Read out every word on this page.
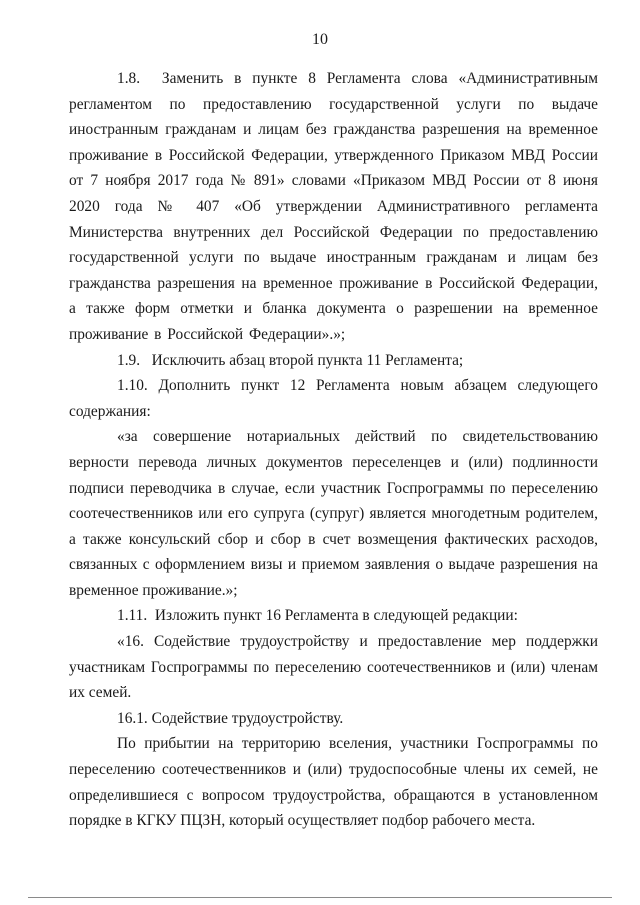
10

1.8.  Заменить в пункте 8 Регламента слова «Административным регламентом по предоставлению государственной услуги по выдаче иностранным гражданам и лицам без гражданства разрешения на временное проживание в Российской Федерации, утвержденного Приказом МВД России от 7 ноября 2017 года № 891» словами «Приказом МВД России от 8 июня 2020 года № 407 «Об утверждении Административного регламента Министерства внутренних дел Российской Федерации по предоставлению государственной услуги по выдаче иностранным гражданам и лицам без гражданства разрешения на временное проживание в Российской Федерации, а также форм отметки и бланка документа о разрешении на временное проживание в Российской Федерации».»;

1.9.   Исключить абзац второй пункта 11 Регламента;

1.10. Дополнить пункт 12 Регламента новым абзацем следующего содержания:

«за совершение нотариальных действий по свидетельствованию верности перевода личных документов переселенцев и (или) подлинности подписи переводчика в случае, если участник Госпрограммы по переселению соотечественников или его супруга (супруг) является многодетным родителем, а также консульский сбор и сбор в счет возмещения фактических расходов, связанных с оформлением визы и приемом заявления о выдаче разрешения на временное проживание.»;

1.11.  Изложить пункт 16 Регламента в следующей редакции:

«16. Содействие трудоустройству и предоставление мер поддержки участникам Госпрограммы по переселению соотечественников и (или) членам их семей.

16.1. Содействие трудоустройству.

По прибытии на территорию вселения, участники Госпрограммы по переселению соотечественников и (или) трудоспособные члены их семей, не определившиеся с вопросом трудоустройства, обращаются в установленном порядке в КГКУ ПЦЗН, который осуществляет подбор рабочего места.
